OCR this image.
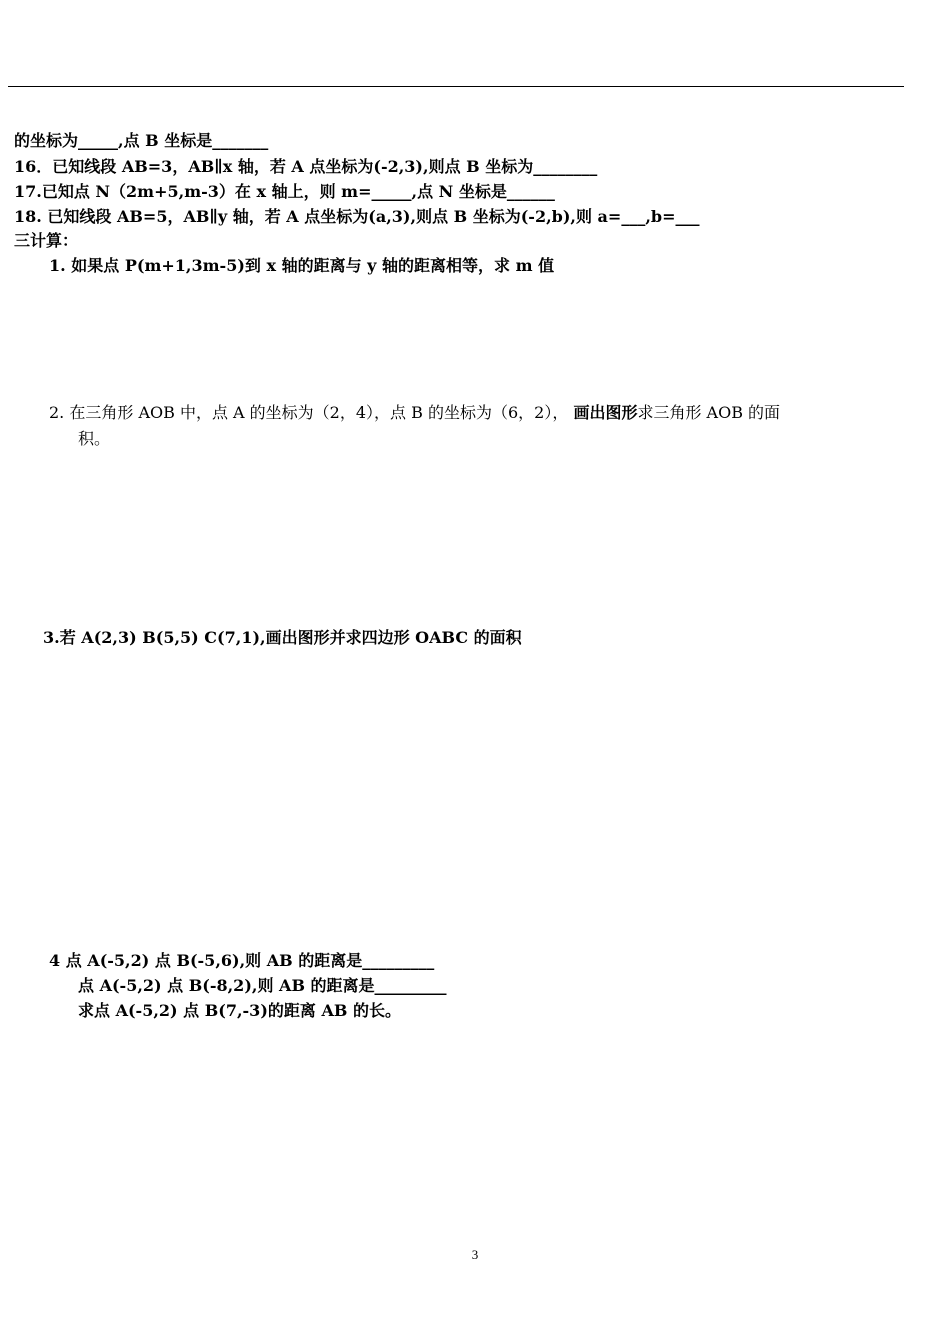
的坐标为_____,点 B 坐标是_______
16．已知线段 AB=3，AB∥x 轴，若 A 点坐标为(-2,3),则点 B 坐标为________
17.已知点 N（2m+5,m-3）在 x 轴上，则 m=_____,点 N 坐标是______
18. 已知线段 AB=5，AB∥y 轴，若 A 点坐标为(a,3),则点 B 坐标为(-2,b),则 a=___,b=___
三计算：
1. 如果点 P(m+1,3m-5)到 x 轴的距离与 y 轴的距离相等，求 m 值
2. 在三角形 AOB 中，点 A 的坐标为（2，4），点 B 的坐标为（6，2）， 画出图形求三角形 AOB 的面
积。
3.若 A(2,3) B(5,5) C(7,1),画出图形并求四边形 OABC 的面积
4 点 A(-5,2) 点 B(-5,6),则 AB 的距离是_________
点 A(-5,2) 点 B(-8,2),则 AB 的距离是_________
求点 A(-5,2) 点 B(7,-3)的距离 AB 的长。
3
